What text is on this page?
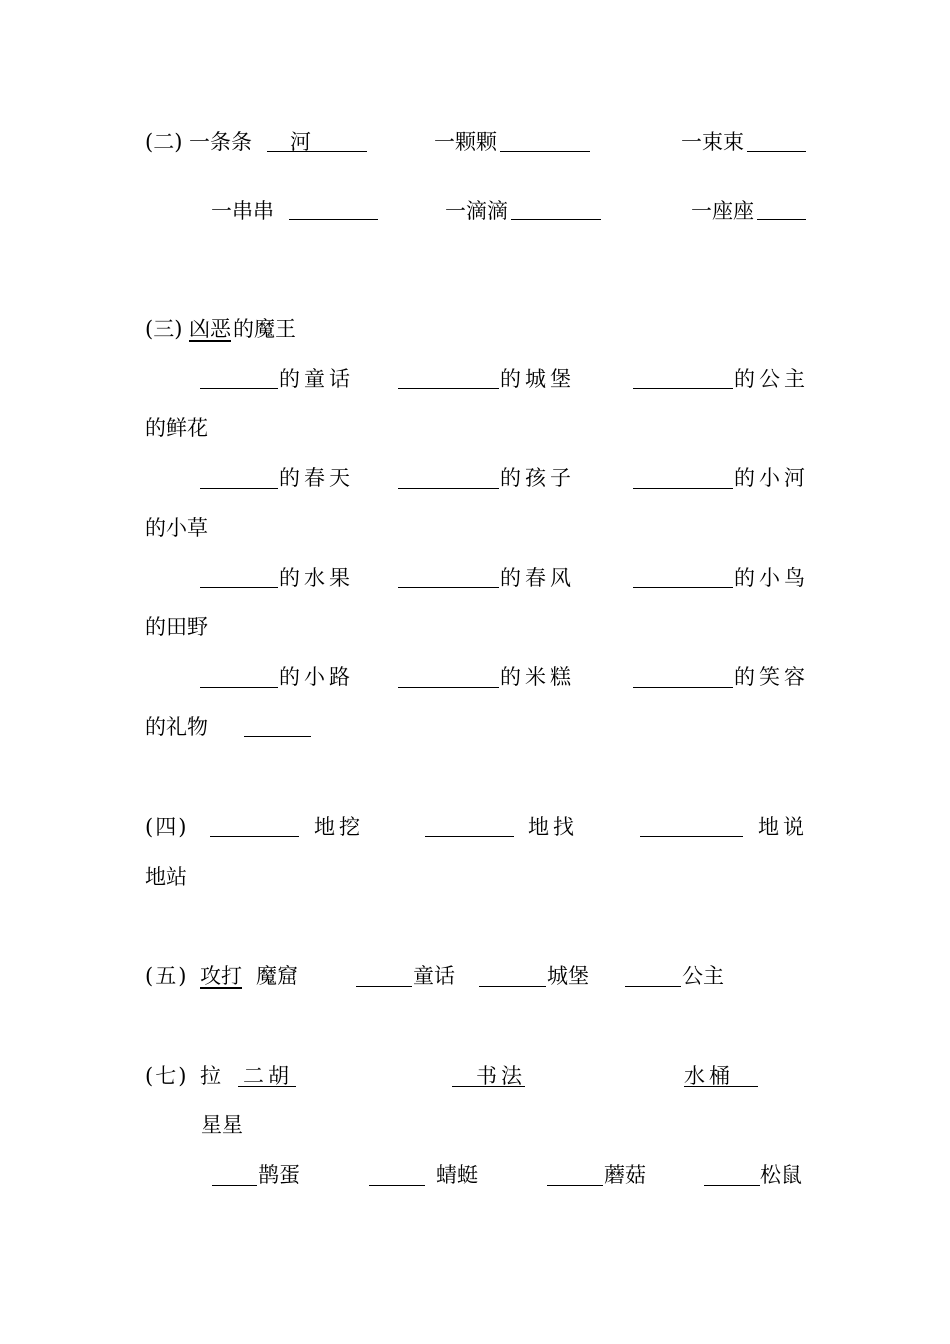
(二) 一条条 河	一颗颗	一束束
一串串	一滴滴	一座座
(三) 凶恶 的魔王
的童话	的城堡	的公主
的鲜花
的春天	的孩子	的小河
的小草
的水果	的春风	的小鸟
的田野
的小路	的米糕	的笑容
的礼物
(四)	地挖	地找	地说
地站
(五) 攻打 魔窟	童话	城堡	公主
(七) 拉 二胡	书法	水桶
星星
鹊蛋	蜻蜓	蘑菇	松鼠
